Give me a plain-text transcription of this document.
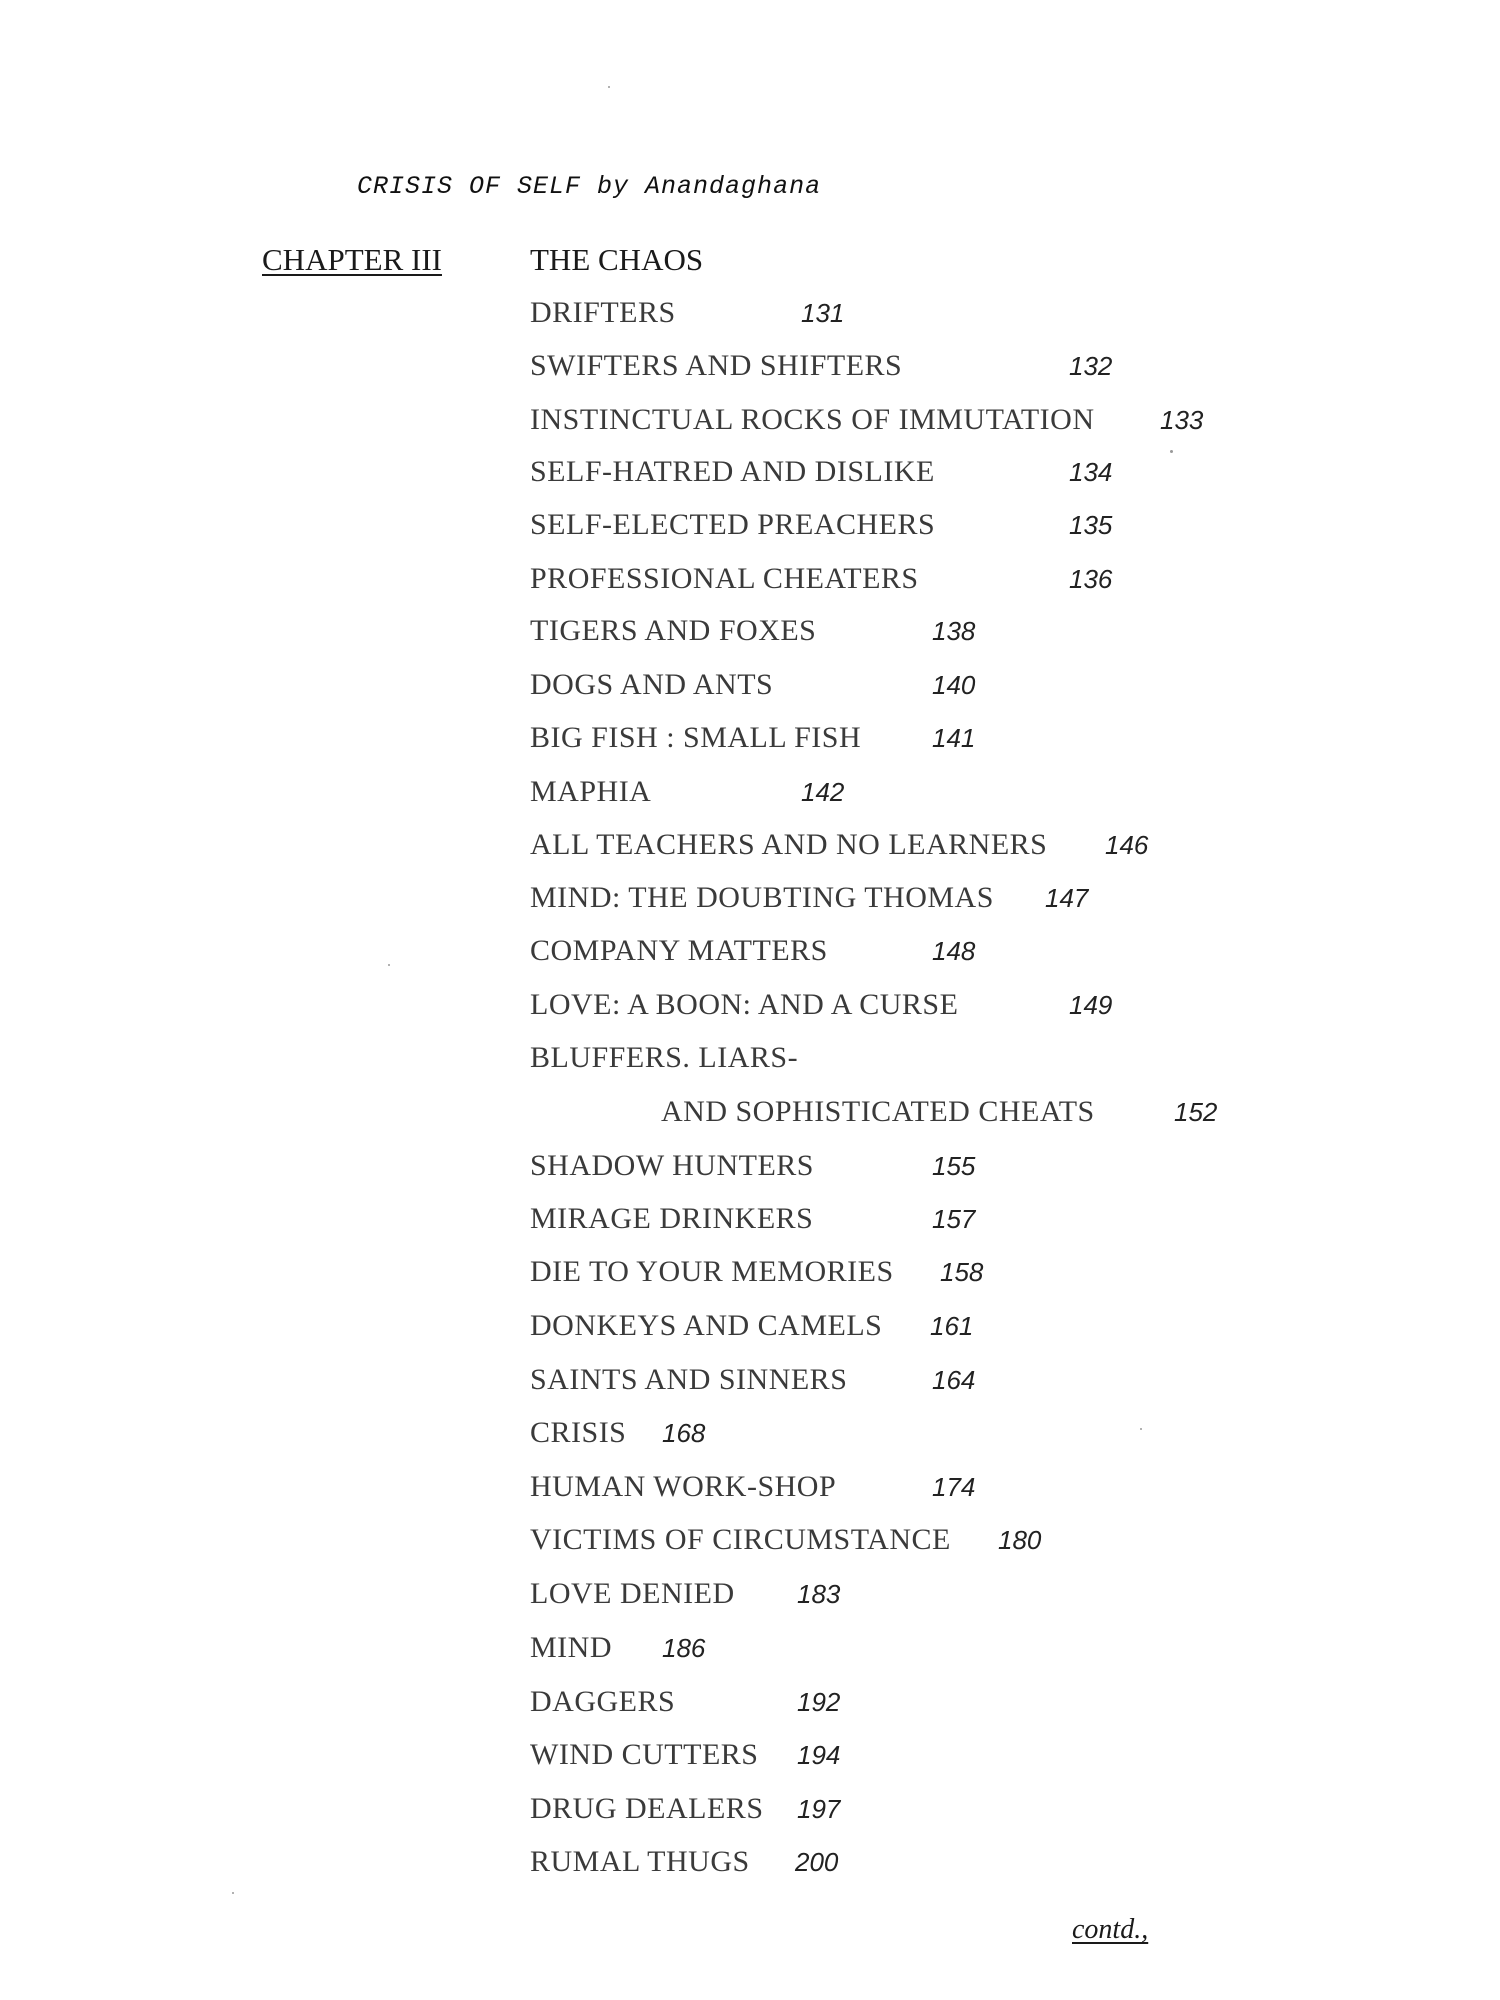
CRISIS OF SELF by Anandaghana
CHAPTER III	THE CHAOS
DRIFTERS	131
SWIFTERS AND SHIFTERS	132
INSTINCTUAL ROCKS OF IMMUTATION	133
SELF-HATRED AND DISLIKE	134
SELF-ELECTED PREACHERS	135
PROFESSIONAL CHEATERS	136
TIGERS AND FOXES	138
DOGS AND ANTS	140
BIG FISH : SMALL FISH	141
MAPHIA	142
ALL TEACHERS AND NO LEARNERS 146
MIND: THE DOUBTING THOMAS 147
COMPANY MATTERS	148
LOVE: A BOON: AND A CURSE	149
BLUFFERS. LIARS-
AND SOPHISTICATED CHEATS	152
SHADOW HUNTERS	155
MIRAGE DRINKERS	157
DIE TO YOUR MEMORIES 158
DONKEYS AND CAMELS 161
SAINTS AND SINNERS	164
CRISIS 168
HUMAN WORK-SHOP	174
VICTIMS OF CIRCUMSTANCE 180
LOVE DENIED 183
MIND 186
DAGGERS	192
WIND CUTTERS 194
DRUG DEALERS 197
RUMAL THUGS 200
contd.,
